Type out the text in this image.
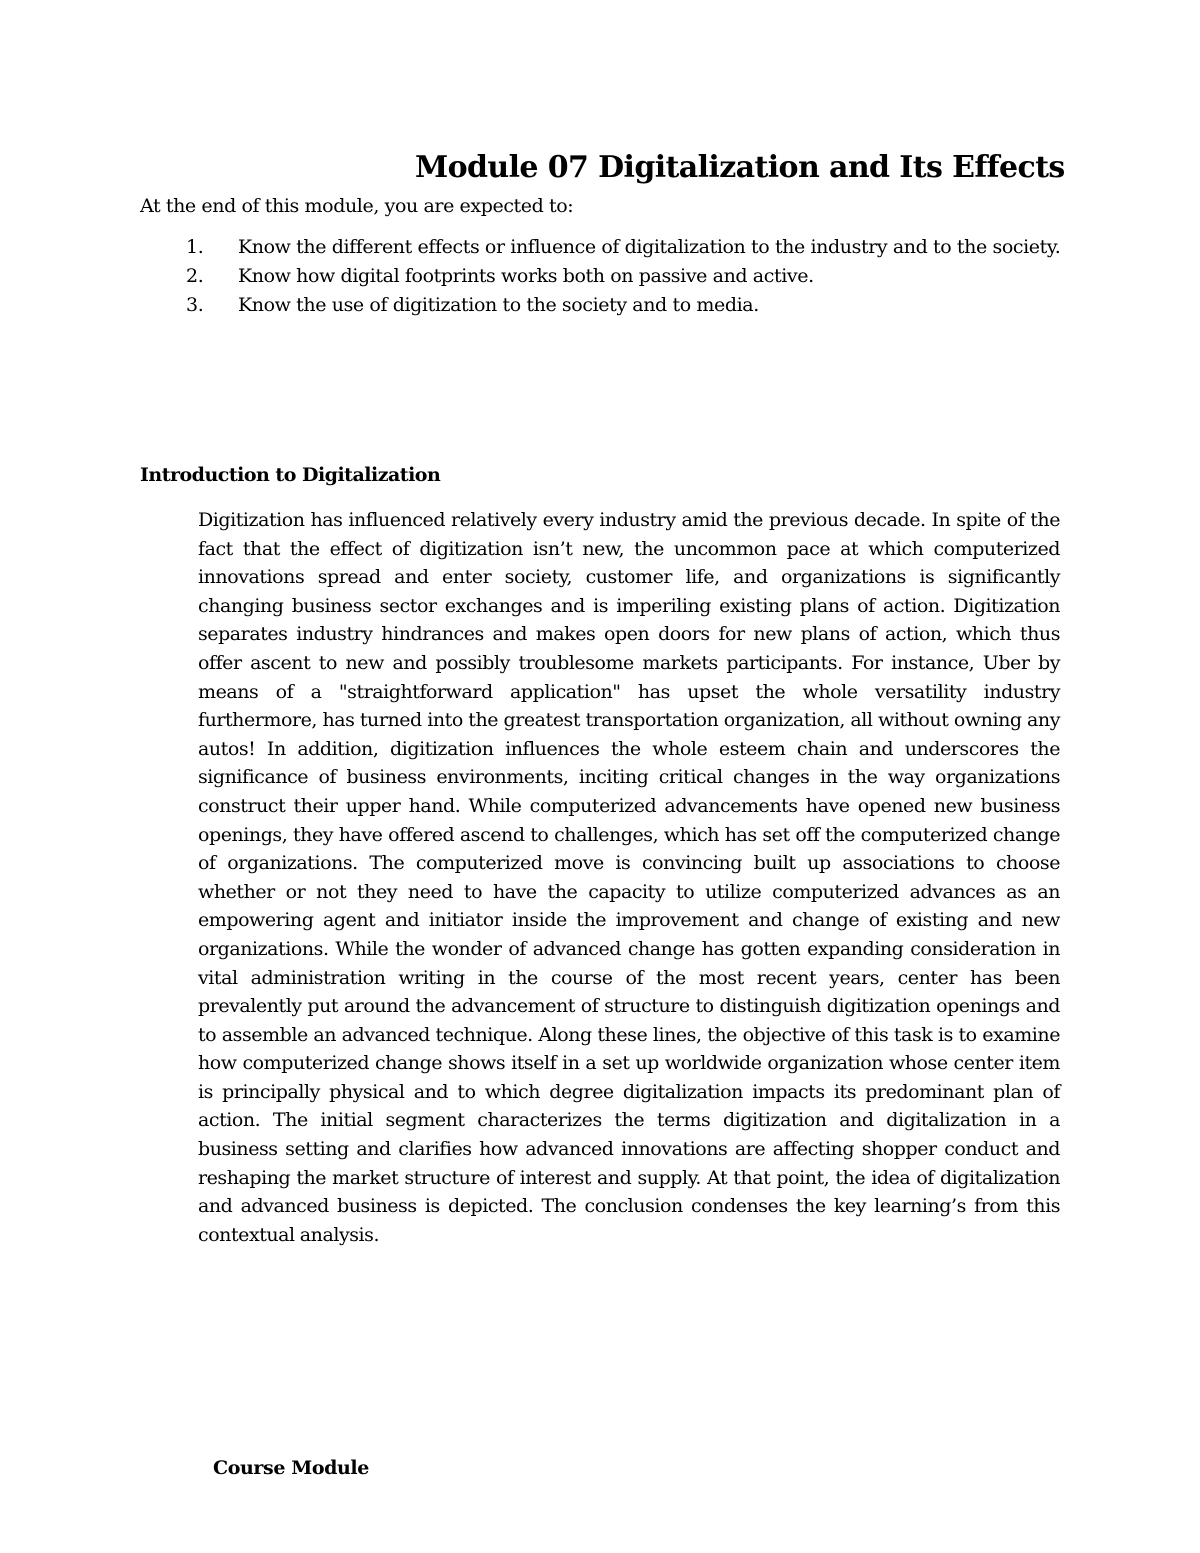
Module 07 Digitalization and Its Effects

At the end of this module, you are expected to:

1. Know the different effects or influence of digitalization to the industry and to the society.
2. Know how digital footprints works both on passive and active.
3. Know the use of digitization to the society and to media.
Introduction to Digitalization

Digitization has influenced relatively every industry amid the previous decade. In spite of the fact that the effect of digitization isn’t new, the uncommon pace at which computerized innovations spread and enter society, customer life, and organizations is significantly changing business sector exchanges and is imperiling existing plans of action. Digitization separates industry hindrances and makes open doors for new plans of action, which thus offer ascent to new and possibly troublesome markets participants. For instance, Uber by means of a "straightforward application" has upset the whole versatility industry furthermore, has turned into the greatest transportation organization, all without owning any autos! In addition, digitization influences the whole esteem chain and underscores the significance of business environments, inciting critical changes in the way organizations construct their upper hand. While computerized advancements have opened new business openings, they have offered ascend to challenges, which has set off the computerized change of organizations. The computerized move is convincing built up associations to choose whether or not they need to have the capacity to utilize computerized advances as an empowering agent and initiator inside the improvement and change of existing and new organizations. While the wonder of advanced change has gotten expanding consideration in vital administration writing in the course of the most recent years, center has been prevalently put around the advancement of structure to distinguish digitization openings and to assemble an advanced technique. Along these lines, the objective of this task is to examine how computerized change shows itself in a set up worldwide organization whose center item is principally physical and to which degree digitalization impacts its predominant plan of action. The initial segment characterizes the terms digitization and digitalization in a business setting and clarifies how advanced innovations are affecting shopper conduct and reshaping the market structure of interest and supply. At that point, the idea of digitalization and advanced business is depicted. The conclusion condenses the key learning’s from this contextual analysis.

Course Module
